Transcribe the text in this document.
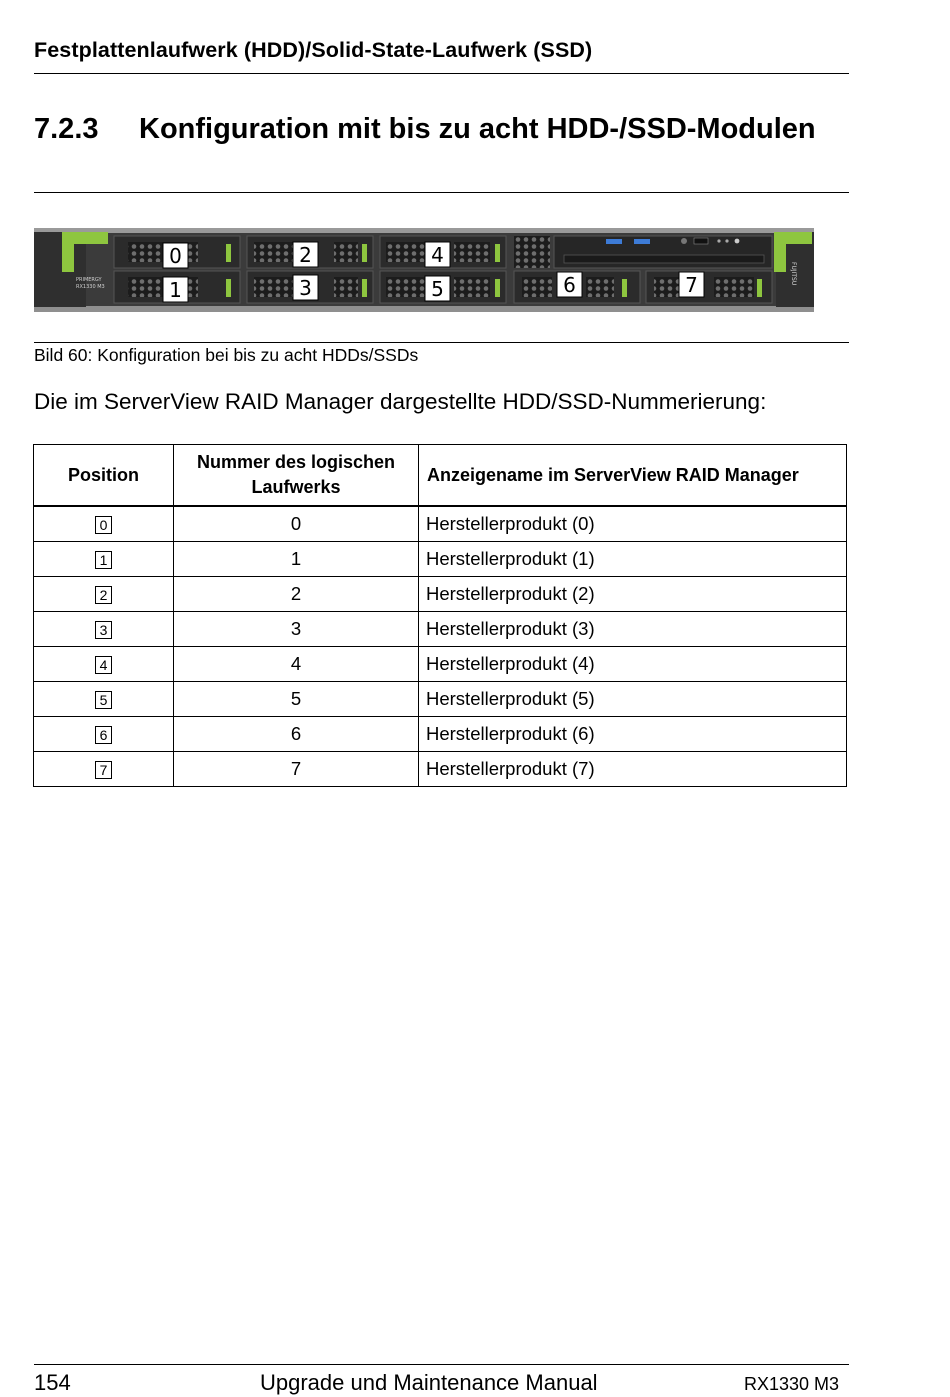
Festplattenlaufwerk (HDD)/Solid-State-Laufwerk (SSD)
7.2.3 Konfiguration mit bis zu acht HDD-/SSD-Modulen
PRIMERGY
RX1330 M3
FUJITSU
0
1
2
3
4
5	6	7
Bild 60: Konfiguration bei bis zu acht HDDs/SSDs
Die im ServerView RAID Manager dargestellte HDD/SSD-Nummerierung:
Position	Nummer des logischen Laufwerks	Anzeigename im ServerView RAID Manager
0	0	Herstellerprodukt (0)
1	1	Herstellerprodukt (1)
2	2	Herstellerprodukt (2)
3	3	Herstellerprodukt (3)
4	4	Herstellerprodukt (4)
5	5	Herstellerprodukt (5)
6	6	Herstellerprodukt (6)
7	7	Herstellerprodukt (7)
154	Upgrade und Maintenance Manual	RX1330 M3
